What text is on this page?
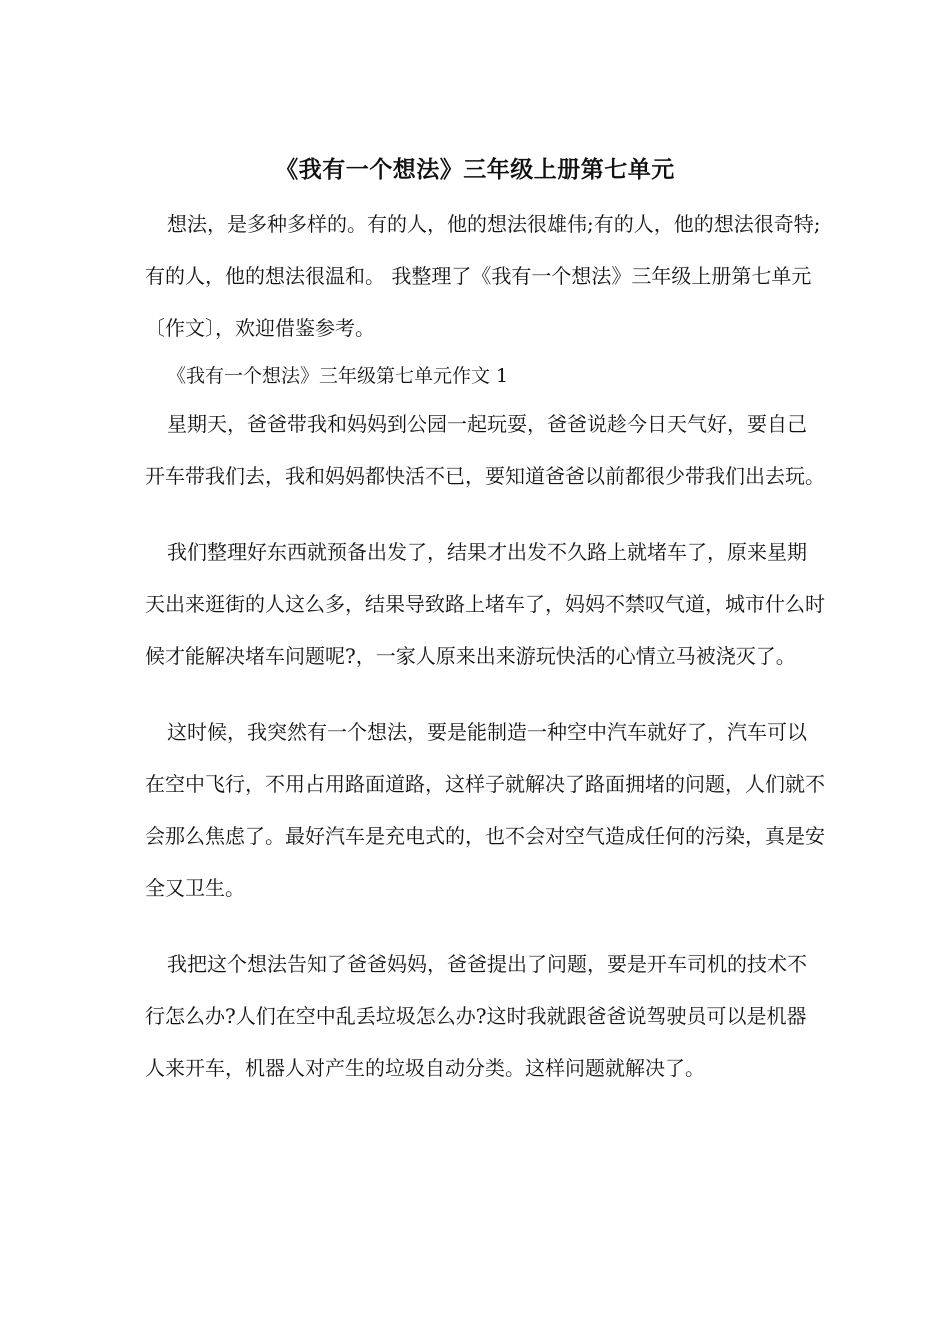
《我有一个想法》三年级上册第七单元

想法，是多种多样的。有的人，他的想法很雄伟;有的人，他的想法很奇特;有的人，他的想法很温和。 我整理了《我有一个想法》三年级上册第七单元〔作文〕，欢迎借鉴参考。

《我有一个想法》三年级第七单元作文 1

星期天，爸爸带我和妈妈到公园一起玩耍，爸爸说趁今日天气好，要自己开车带我们去，我和妈妈都快活不已，要知道爸爸以前都很少带我们出去玩。

我们整理好东西就预备出发了，结果才出发不久路上就堵车了，原来星期天出来逛街的人这么多，结果导致路上堵车了，妈妈不禁叹气道，城市什么时候才能解决堵车问题呢?，一家人原来出来游玩快活的心情立马被浇灭了。

这时候，我突然有一个想法，要是能制造一种空中汽车就好了，汽车可以在空中飞行，不用占用路面道路，这样子就解决了路面拥堵的问题，人们就不会那么焦虑了。最好汽车是充电式的，也不会对空气造成任何的污染，真是安全又卫生。

我把这个想法告知了爸爸妈妈，爸爸提出了问题，要是开车司机的技术不行怎么办?人们在空中乱丢垃圾怎么办?这时我就跟爸爸说驾驶员可以是机器人来开车，机器人对产生的垃圾自动分类。这样问题就解决了。
